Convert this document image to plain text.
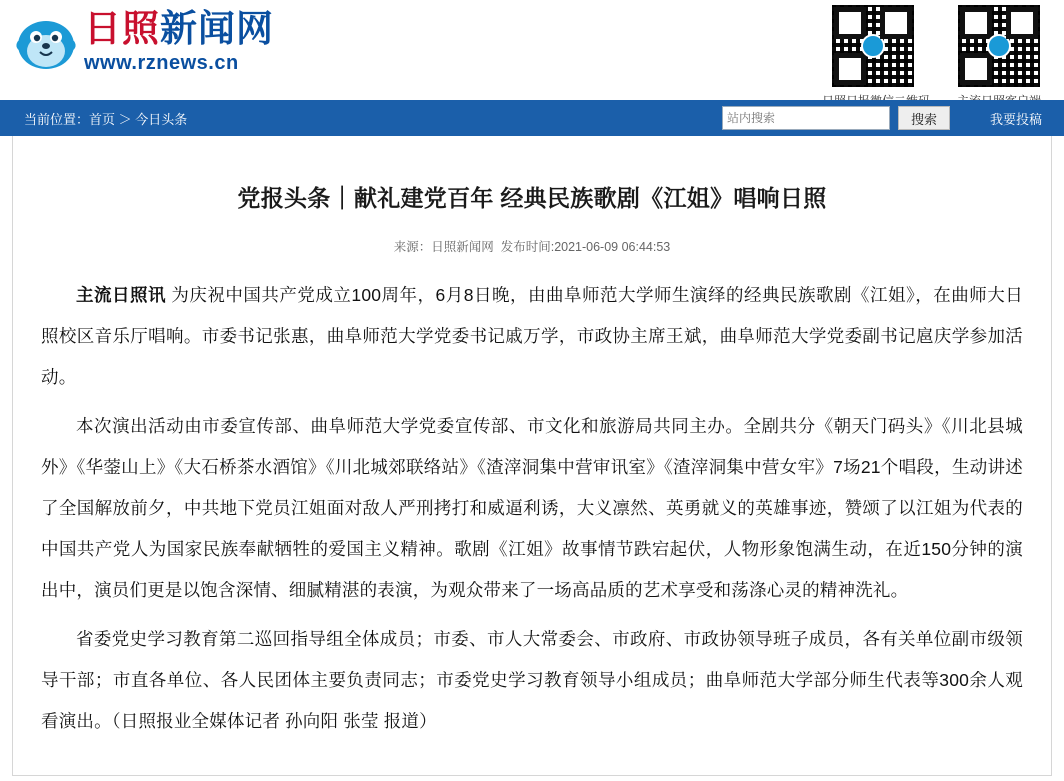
日照新闻网
www.rznews.cn
当前位置：首页 ＞ 今日头条
站内搜索	搜索	我要投稿
党报头条｜献礼建党百年 经典民族歌剧《江姐》唱响日照
来源：日照新闻网 发布时间:2021-06-09 06:44:53

主流日照讯 为庆祝中国共产党成立100周年，6月8日晚，由曲阜师范大学师生演绎的经典民族歌剧《江姐》，在曲师大日照校区音乐厅唱响。市委书记张惠，曲阜师范大学党委书记戚万学，市政协主席王斌，曲阜师范大学党委副书记扈庆学参加活动。

本次演出活动由市委宣传部、曲阜师范大学党委宣传部、市文化和旅游局共同主办。全剧共分《朝天门码头》《川北县城外》《华蓥山上》《大石桥茶水酒馆》《川北城郊联络站》《渣滓洞集中营审讯室》《渣滓洞集中营女牢》7场21个唱段，生动讲述了全国解放前夕，中共地下党员江姐面对敌人严刑拷打和威逼利诱，大义凛然、英勇就义的英雄事迹，赞颂了以江姐为代表的中国共产党人为国家民族奉献牺牲的爱国主义精神。歌剧《江姐》故事情节跌宕起伏，人物形象饱满生动，在近150分钟的演出中，演员们更是以饱含深情、细腻精湛的表演，为观众带来了一场高品质的艺术享受和荡涤心灵的精神洗礼。

省委党史学习教育第二巡回指导组全体成员；市委、市人大常委会、市政府、市政协领导班子成员，各有关单位副市级领导干部；市直各单位、各人民团体主要负责同志；市委党史学习教育领导小组成员；曲阜师范大学部分师生代表等300余人观看演出。（日照报业全媒体记者 孙向阳 张莹 报道）
